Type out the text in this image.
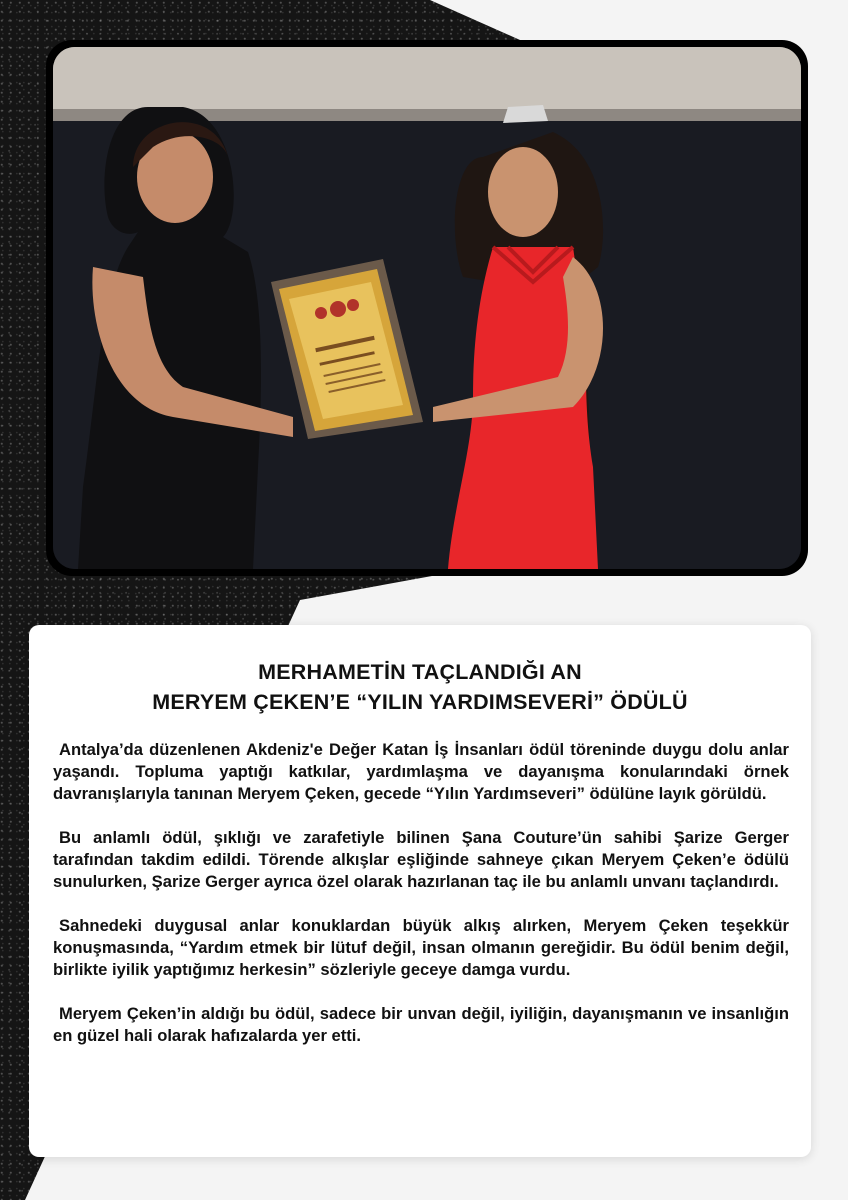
MERHAMETİN TAÇLANDIĞI AN
MERYEM ÇEKEN’E “YILIN YARDIMSEVERİ” ÖDÜLÜ

Antalya’da düzenlenen Akdeniz'e Değer Katan İş İnsanları ödül töreninde duygu dolu anlar yaşandı. Topluma yaptığı katkılar, yardımlaşma ve dayanışma konularındaki örnek davranışlarıyla tanınan Meryem Çeken, gecede “Yılın Yardımseveri” ödülüne layık görüldü.

Bu anlamlı ödül, şıklığı ve zarafetiyle bilinen Şana Couture’ün sahibi Şarize Gerger tarafından takdim edildi. Törende alkışlar eşliğinde sahneye çıkan Meryem Çeken’e ödülü sunulurken, Şarize Gerger ayrıca özel olarak hazırlanan taç ile bu anlamlı unvanı taçlandırdı.

Sahnedeki duygusal anlar konuklardan büyük alkış alırken, Meryem Çeken teşekkür konuşmasında, “Yardım etmek bir lütuf değil, insan olmanın gereğidir. Bu ödül benim değil, birlikte iyilik yaptığımız herkesin” sözleriyle geceye damga vurdu.

Meryem Çeken’in aldığı bu ödül, sadece bir unvan değil, iyiliğin, dayanışmanın ve insanlığın en güzel hali olarak hafızalarda yer etti.
